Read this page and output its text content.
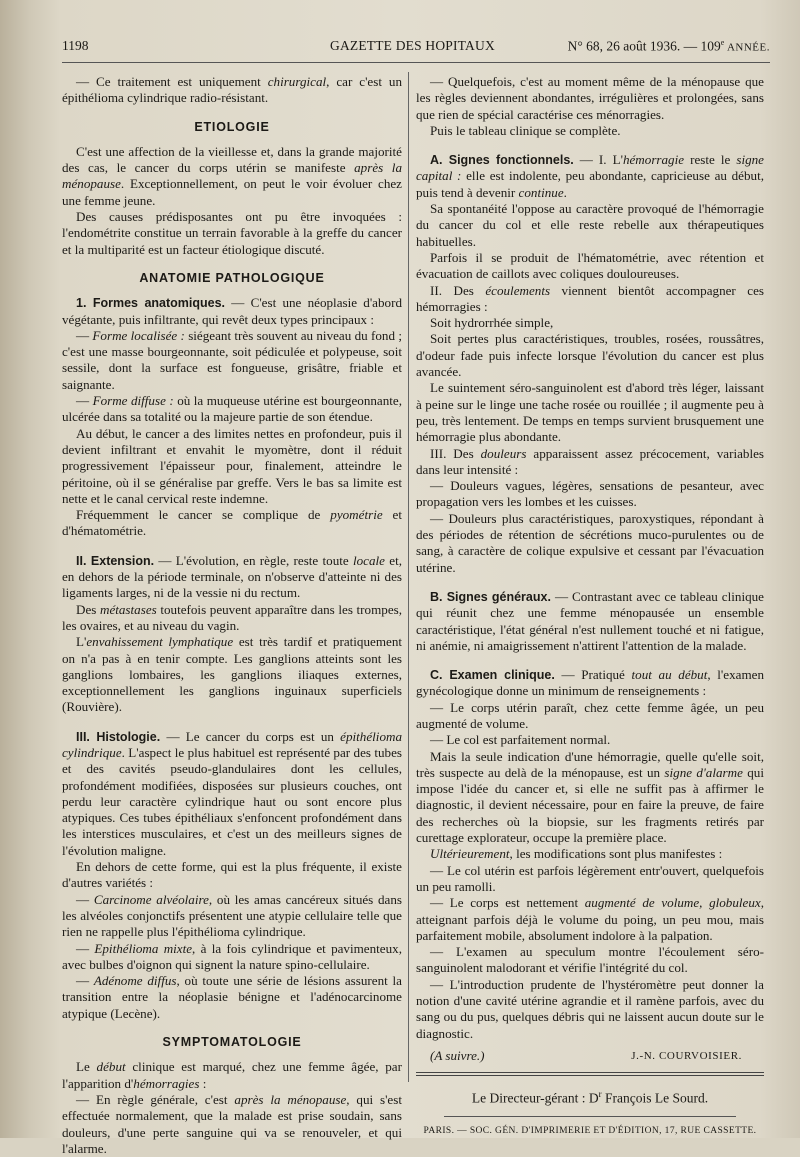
1198	GAZETTE DES HOPITAUX	N° 68, 26 août 1936. — 109e ANNÉE.

— Ce traitement est uniquement chirurgical, car c'est un épithélioma cylindrique radio-résistant.

ETIOLOGIE

C'est une affection de la vieillesse et, dans la grande majorité des cas, le cancer du corps utérin se manifeste après la ménopause. Exceptionnellement, on peut le voir évoluer chez une femme jeune.

Des causes prédisposantes ont pu être invoquées : l'endométrite constitue un terrain favorable à la greffe du cancer et la multiparité est un facteur étiologique discuté.

ANATOMIE PATHOLOGIQUE

1. Formes anatomiques. — C'est une néoplasie d'abord végétante, puis infiltrante, qui revêt deux types principaux :

— Forme localisée : siégeant très souvent au niveau du fond ; c'est une masse bourgeonnante, soit pédiculée et polypeuse, soit sessile, dont la surface est fongueuse, grisâtre, friable et saignante.

— Forme diffuse : où la muqueuse utérine est bourgeonnante, ulcérée dans sa totalité ou la majeure partie de son étendue.

Au début, le cancer a des limites nettes en profondeur, puis il devient infiltrant et envahit le myomètre, dont il réduit progressivement l'épaisseur pour, finalement, atteindre le péritoine, où il se généralise par greffe. Vers le bas sa limite est nette et le canal cervical reste indemne.

Fréquemment le cancer se complique de pyométrie et d'hématométrie.

II. Extension. — L'évolution, en règle, reste toute locale et, en dehors de la période terminale, on n'observe d'atteinte ni des ligaments larges, ni de la vessie ni du rectum.

Des métastases toutefois peuvent apparaître dans les trompes, les ovaires, et au niveau du vagin.

L'envahissement lymphatique est très tardif et pratiquement on n'a pas à en tenir compte. Les ganglions atteints sont les ganglions lombaires, les ganglions iliaques externes, exceptionnellement les ganglions inguinaux superficiels (Rouvière).

III. Histologie. — Le cancer du corps est un épithélioma cylindrique. L'aspect le plus habituel est représenté par des tubes et des cavités pseudo-glandulaires dont les cellules, profondément modifiées, disposées sur plusieurs couches, ont perdu leur caractère cylindrique haut ou sont encore plus atypiques. Ces tubes épithéliaux s'enfoncent profondément dans les interstices musculaires, et c'est un des meilleurs signes de l'évolution maligne.

En dehors de cette forme, qui est la plus fréquente, il existe d'autres variétés :

— Carcinome alvéolaire, où les amas cancéreux situés dans les alvéoles conjonctifs présentent une atypie cellulaire telle que rien ne rappelle plus l'épithélioma cylindrique.

— Epithélioma mixte, à la fois cylindrique et pavimenteux, avec bulbes d'oignon qui signent la nature spino-cellulaire.

— Adénome diffus, où toute une série de lésions assurent la transition entre la néoplasie bénigne et l'adénocarcinome atypique (Lecène).

SYMPTOMATOLOGIE

Le début clinique est marqué, chez une femme âgée, par l'apparition d'hémorragies :

— En règle générale, c'est après la ménopause, qui s'est effectuée normalement, que la malade est prise soudain, sans douleurs, d'une perte sanguine qui va se renouveler, et qui l'alarme.

— Quelquefois, c'est au moment même de la ménopause que les règles deviennent abondantes, irrégulières et prolongées, sans que rien de spécial caractérise ces ménorragies.

Puis le tableau clinique se complète.

A. Signes fonctionnels. — I. L'hémorragie reste le signe capital : elle est indolente, peu abondante, capricieuse au début, puis tend à devenir continue.

Sa spontanéité l'oppose au caractère provoqué de l'hémorragie du cancer du col et elle reste rebelle aux thérapeutiques habituelles.

Parfois il se produit de l'hématométrie, avec rétention et évacuation de caillots avec coliques douloureuses.

II. Des écoulements viennent bientôt accompagner ces hémorragies :

Soit hydrorrhée simple,

Soit pertes plus caractéristiques, troubles, rosées, roussâtres, d'odeur fade puis infecte lorsque l'évolution du cancer est plus avancée.

Le suintement séro-sanguinolent est d'abord très léger, laissant à peine sur le linge une tache rosée ou rouillée ; il augmente peu à peu, très lentement. De temps en temps survient brusquement une hémorragie plus abondante.

III. Des douleurs apparaissent assez précocement, variables dans leur intensité :

— Douleurs vagues, légères, sensations de pesanteur, avec propagation vers les lombes et les cuisses.

— Douleurs plus caractéristiques, paroxystiques, répondant à des périodes de rétention de sécrétions muco-purulentes ou de sang, à caractère de colique expulsive et cessant par l'évacuation utérine.

B. Signes généraux. — Contrastant avec ce tableau clinique qui réunit chez une femme ménopausée un ensemble caractéristique, l'état général n'est nullement touché et ni fatigue, ni anémie, ni amaigrissement n'attirent l'attention de la malade.

C. Examen clinique. — Pratiqué tout au début, l'examen gynécologique donne un minimum de renseignements :

— Le corps utérin paraît, chez cette femme âgée, un peu augmenté de volume.

— Le col est parfaitement normal.

Mais la seule indication d'une hémorragie, quelle qu'elle soit, très suspecte au delà de la ménopause, est un signe d'alarme qui impose l'idée du cancer et, si elle ne suffit pas à affirmer le diagnostic, il devient nécessaire, pour en faire la preuve, de faire des recherches où la biopsie, sur les fragments retirés par curettage explorateur, occupe la première place.

Ultérieurement, les modifications sont plus manifestes :

— Le col utérin est parfois légèrement entr'ouvert, quelquefois un peu ramolli.

— Le corps est nettement augmenté de volume, globuleux, atteignant parfois déjà le volume du poing, un peu mou, mais parfaitement mobile, absolument indolore à la palpation.

— L'examen au speculum montre l'écoulement séro-sanguinolent malodorant et vérifie l'intégrité du col.

— L'introduction prudente de l'hystéromètre peut donner la notion d'une cavité utérine agrandie et il ramène parfois, avec du sang ou du pus, quelques débris qui ne laissent aucun doute sur le diagnostic.

(A suivre.)	J.-N. COURVOISIER.

Le Directeur-gérant : $D^r$ François Le Sourd.
PARIS. — SOC. GÉN. D'IMPRIMERIE ET D'ÉDITION, 17, RUE CASSETTE.
